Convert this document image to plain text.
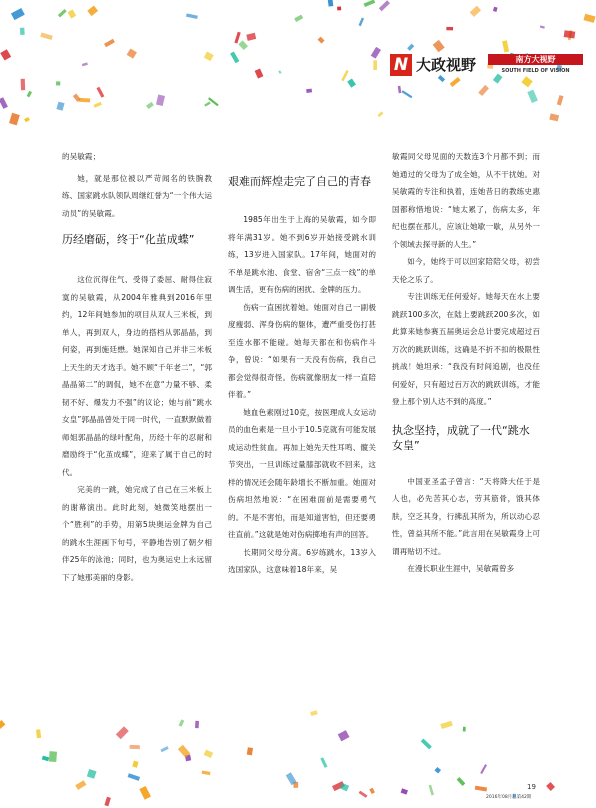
N 大政视野	南方大视野
SOUTH FIELD OF VISION

的吴敏霞；

她，就是那位被以严苛闻名的铁腕教练、国家跳水队领队周继红誉为“一个伟大运动员”的吴敏霞。

历经磨砺，终于“化茧成蝶”

这位沉得住气、受得了委屈、耐得住寂寞的吴敏霞，从2004年雅典到2016年里约，12年间她参加的项目从双人三米板，到单人，再到双人，身边的搭档从郭晶晶，到何姿，再到施廷懋。她深知自己并非三米板上天生的天才选手。她不顾“千年老二”，“郭晶晶第二”的调侃，她不在意“力量不够、柔韧不好、爆发力不强”的议论；她与前“跳水女皇”郭晶晶曾处于同一时代，一直默默做着师姐郭晶晶的绿叶配角，历经十年的忍耐和磨励终于“化茧成蝶”，迎来了属于自己的时代。

完美的一跳，她完成了自己在三米板上的谢幕演出。此时此刻，她微笑地摆出一个“胜利”的手势，用第5块奥运金牌为自己的跳水生涯画下句号，平静地告别了朝夕相伴25年的泳池；同时，也为奥运史上永远留下了她那美丽的身影。

艰难而辉煌走完了自己的青春

1985年出生于上海的吴敏霞，如今即将年满31岁。她不到6岁开始接受跳水训练，13岁进入国家队。17年间，她面对的不单是跳水池、食堂、宿舍“三点一线”的单调生活，更有伤病的困扰、金牌的压力。

伤病一直困扰着她。她面对自己一副极度瘦弱、浑身伤病的躯体，遭严重受伤打甚至连水都不能碰。她每天都在和伤病作斗争，曾说：“如果有一天没有伤病，我自己都会觉得很奇怪。伤病就像朋友一样一直陪伴着。”

她血色素刚过10克，按医理成人女运动员的血色素是一旦小于10.5克就有可能发展成运动性贫血。再加上她先天性耳鸣、髋关节突出，一旦训练过量膝部就收不回来，这样的情况还会随年龄增长不断加重。她面对伤病坦然地说：“在困难面前是需要勇气的。不是不害怕，而是知道害怕，但还要勇往直前。”这就是她对伤病掷地有声的回答。

长期同父母分离。6岁练跳水，13岁入选国家队，这意味着18年来，吴

敏霞同父母见面的天数连3个月都不到；而她通过的父母为了成全她，从不干扰她。对吴敏霞的专注和执着，连她昔日的教练史惠国都称惜地说：“她太累了，伤病太多，年纪也摆在那儿，应该让她歇一歇，从另外一个领域去探寻新的人生。”

如今，她终于可以回家陪陪父母，初尝天伦之乐了。

专注训练无任何爱好。她每天在水上要跳跃100多次，在陆上要跳跃200多次，如此算来她参赛五届奥运会总计要完成超过百万次的跳跃训练，这确是不折不扣的极限性挑战！她坦承：“我没有时间追剧，也没任何爱好，只有超过百万次的跳跃训练，才能登上那个别人达不到的高度。”

执念坚持，成就了一代“跳水女皇”

中国亚圣孟子曾言：“天将降大任于是人也，必先苦其心志，劳其筋骨，饿其体肤，空乏其身，行拂乱其所为，所以动心忍性，曾益其所不能。”此言用在吴敏霞身上可谓再贴切不过。

在漫长职业生涯中，吴敏霞曾多

19
2016年08月总第42期
